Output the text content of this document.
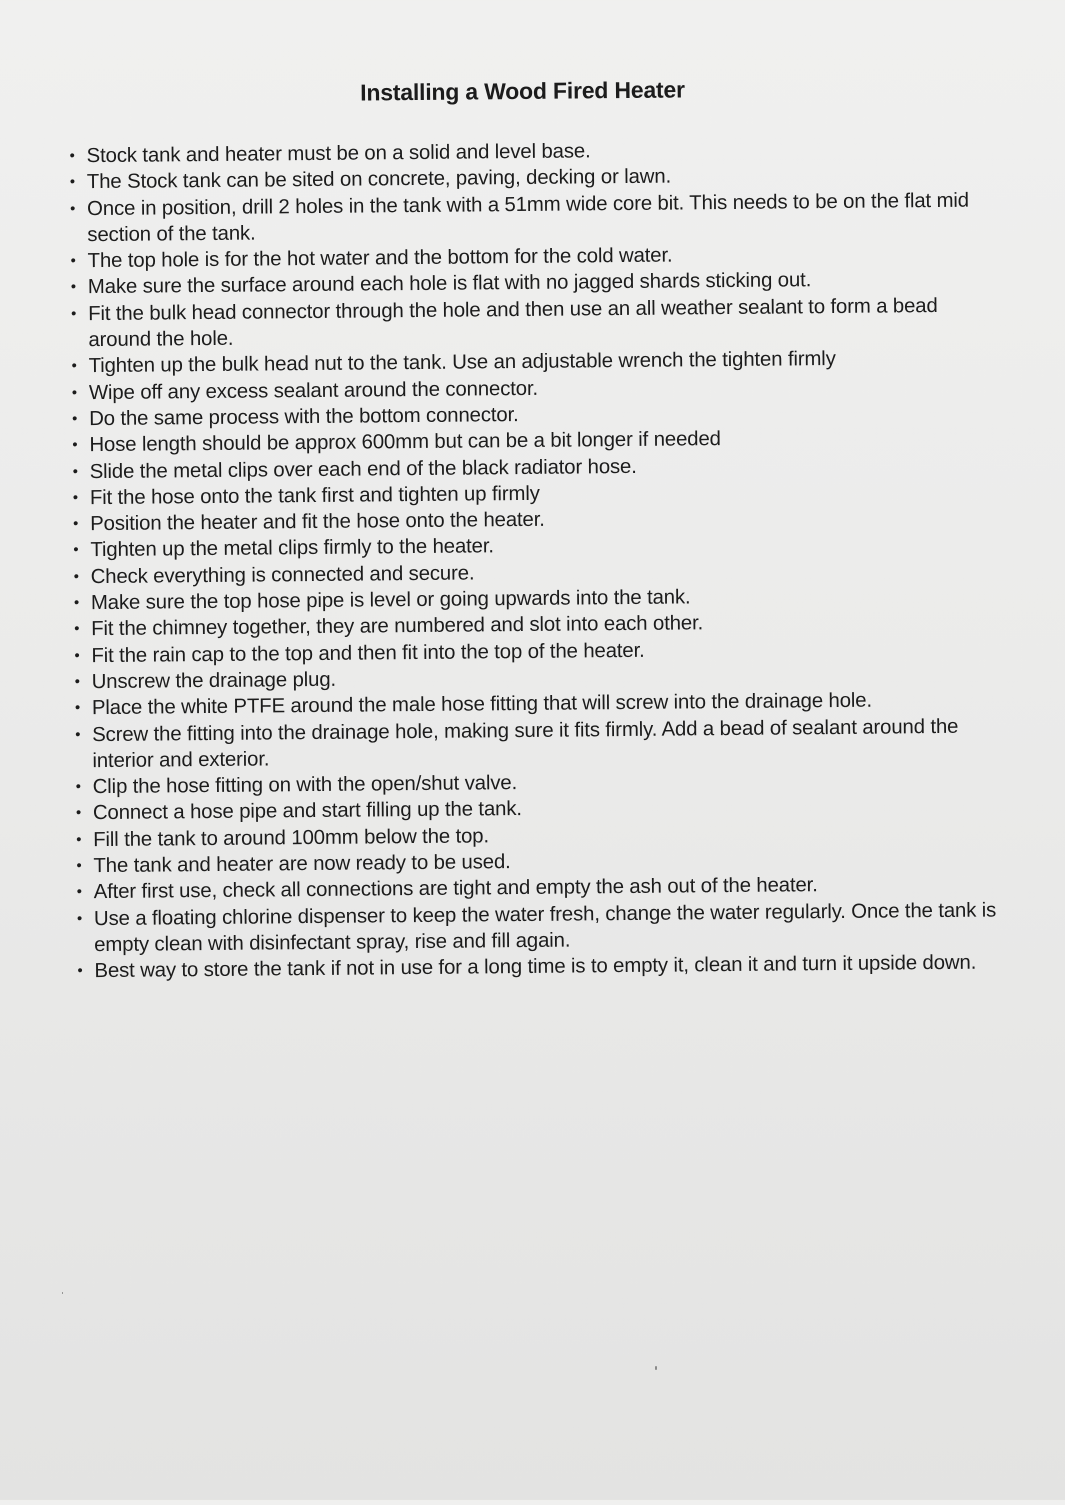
Installing a Wood Fired Heater
• Stock tank and heater must be on a solid and level base.
• The Stock tank can be sited on concrete, paving, decking or lawn.
• Once in position, drill 2 holes in the tank with a 51mm wide core bit. This needs to be on the flat mid section of the tank.
• The top hole is for the hot water and the bottom for the cold water.
• Make sure the surface around each hole is flat with no jagged shards sticking out.
• Fit the bulk head connector through the hole and then use an all weather sealant to form a bead around the hole.
• Tighten up the bulk head nut to the tank. Use an adjustable wrench the tighten firmly
• Wipe off any excess sealant around the connector.
• Do the same process with the bottom connector.
• Hose length should be approx 600mm but can be a bit longer if needed
• Slide the metal clips over each end of the black radiator hose.
• Fit the hose onto the tank first and tighten up firmly
• Position the heater and fit the hose onto the heater.
• Tighten up the metal clips firmly to the heater.
• Check everything is connected and secure.
• Make sure the top hose pipe is level or going upwards into the tank.
• Fit the chimney together, they are numbered and slot into each other.
• Fit the rain cap to the top and then fit into the top of the heater.
• Unscrew the drainage plug.
• Place the white PTFE around the male hose fitting that will screw into the drainage hole.
• Screw the fitting into the drainage hole, making sure it fits firmly. Add a bead of sealant around the interior and exterior.
• Clip the hose fitting on with the open/shut valve.
• Connect a hose pipe and start filling up the tank.
• Fill the tank to around 100mm below the top.
• The tank and heater are now ready to be used.
• After first use, check all connections are tight and empty the ash out of the heater.
• Use a floating chlorine dispenser to keep the water fresh, change the water regularly. Once the tank is empty clean with disinfectant spray, rise and fill again.
• Best way to store the tank if not in use for a long time is to empty it, clean it and turn it upside down.
